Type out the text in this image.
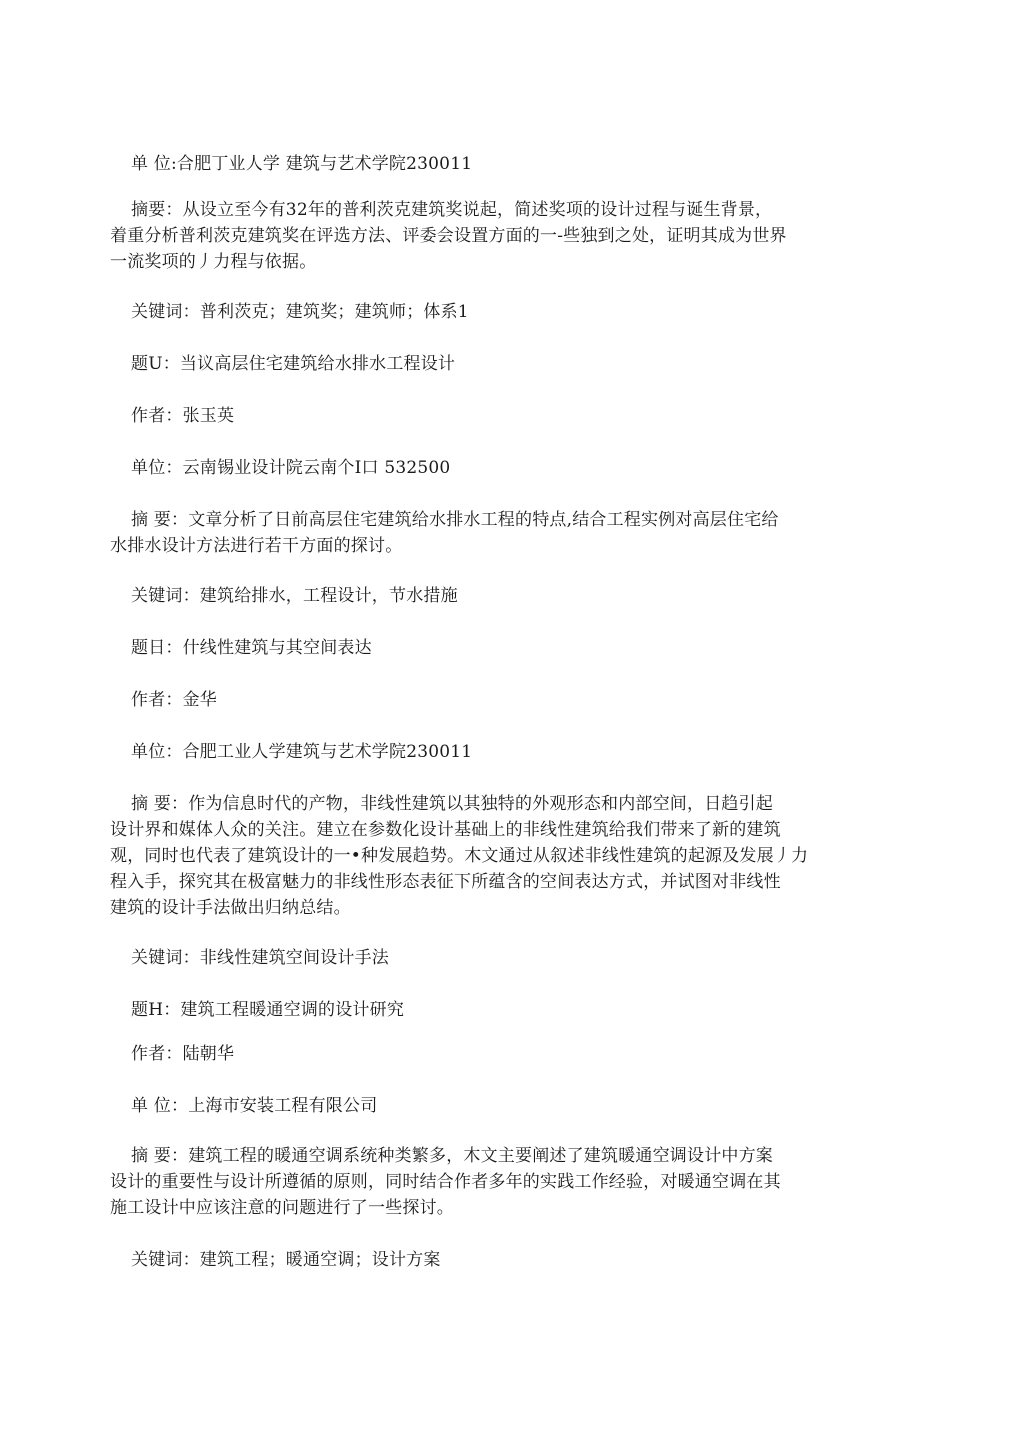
单 位:合肥丁业人学 建筑与艺术学院230011

摘要：从设立至今有32年的普利茨克建筑奖说起，简述奖项的设计过程与诞生背景，
着重分析普利茨克建筑奖在评选方法、评委会设置方面的一-些独到之处，证明其成为世界
一流奖项的丿力程与依据。

关键词：普利茨克；建筑奖；建筑师；体系1

题U：当议高层住宅建筑给水排水工程设计

作者：张玉英

单位：云南锡业设计院云南个I口 532500

摘 要：文章分析了日前高层住宅建筑给水排水工程的特点,结合工程实例对高层住宅给
水排水设计方法进行若干方面的探讨。

关键词：建筑给排水，工程设计，节水措施

题日：什线性建筑与其空间表达

作者：金华

单位：合肥工业人学建筑与艺术学院230011

摘 要：作为信息时代的产物，非线性建筑以其独特的外观形态和内部空间，日趋引起
设计界和媒体人众的关注。建立在参数化设计基础上的非线性建筑给我们带来了新的建筑
观，同时也代表了建筑设计的一•种发展趋势。木文通过从叙述非线性建筑的起源及发展丿力
程入手，探究其在极富魅力的非线性形态表征下所蕴含的空间表达方式，并试图对非线性
建筑的设计手法做出归纳总结。

关键词：非线性建筑空间设计手法

题H：建筑工程暖通空调的设计研究

作者：陆朝华

单 位：上海市安装工程有限公司

摘 要：建筑工程的暖通空调系统种类繁多，木文主要阐述了建筑暖通空调设计中方案
设计的重要性与设计所遵循的原则，同时结合作者多年的实践工作经验，对暖通空调在其
施工设计中应该注意的问题进行了一些探讨。

关键词：建筑工程；暖通空调；设计方案
